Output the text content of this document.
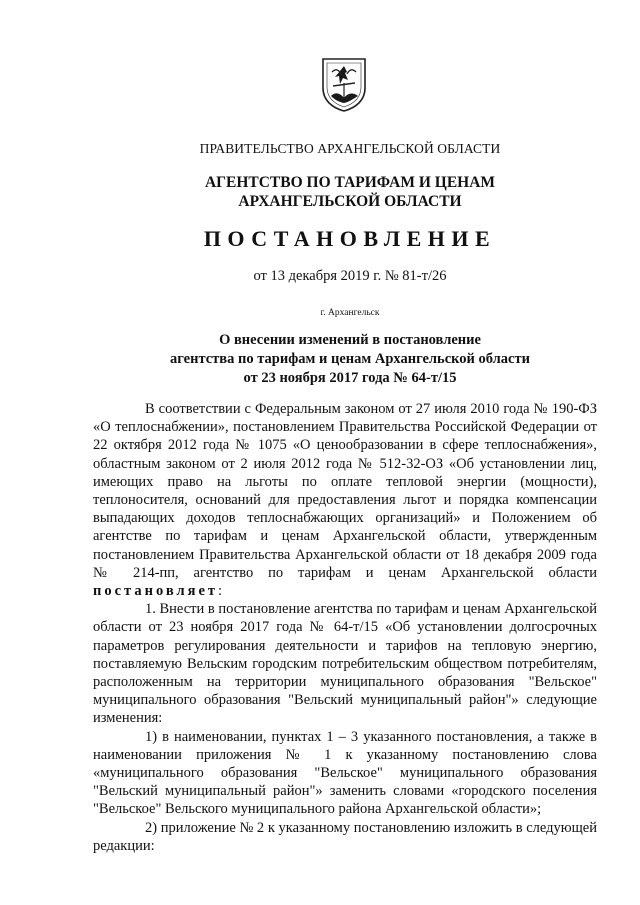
ПРАВИТЕЛЬСТВО АРХАНГЕЛЬСКОЙ ОБЛАСТИ
АГЕНТСТВО ПО ТАРИФАМ И ЦЕНАМ
АРХАНГЕЛЬСКОЙ ОБЛАСТИ
ПОСТАНОВЛЕНИЕ
от 13 декабря 2019 г. № 81-т/26
г. Архангельск
О внесении изменений в постановление
агентства по тарифам и ценам Архангельской области
от 23 ноября 2017 года № 64-т/15

В соответствии с Федеральным законом от 27 июля 2010 года № 190-ФЗ «О теплоснабжении», постановлением Правительства Российской Федерации от 22 октября 2012 года № 1075 «О ценообразовании в сфере теплоснабжения», областным законом от 2 июля 2012 года № 512-32-ОЗ «Об установлении лиц, имеющих право на льготы по оплате тепловой энергии (мощности), теплоносителя, оснований для предоставления льгот и порядка компенсации выпадающих доходов теплоснабжающих организаций» и Положением об агентстве по тарифам и ценам Архангельской области, утвержденным постановлением Правительства Архангельской области от 18 декабря 2009 года № 214-пп, агентство по тарифам и ценам Архангельской области постановляет:

1. Внести в постановление агентства по тарифам и ценам Архангельской области от 23 ноября 2017 года № 64-т/15 «Об установлении долгосрочных параметров регулирования деятельности и тарифов на тепловую энергию, поставляемую Вельским городским потребительским обществом потребителям, расположенным на территории муниципального образования "Вельское" муниципального образования "Вельский муниципальный район"» следующие изменения:

1) в наименовании, пунктах 1 – 3 указанного постановления, а также в наименовании приложения № 1 к указанному постановлению слова «муниципального образования "Вельское" муниципального образования "Вельский муниципальный район"» заменить словами «городского поселения "Вельское" Вельского муниципального района Архангельской области»;

2) приложение № 2 к указанному постановлению изложить в следующей редакции:
